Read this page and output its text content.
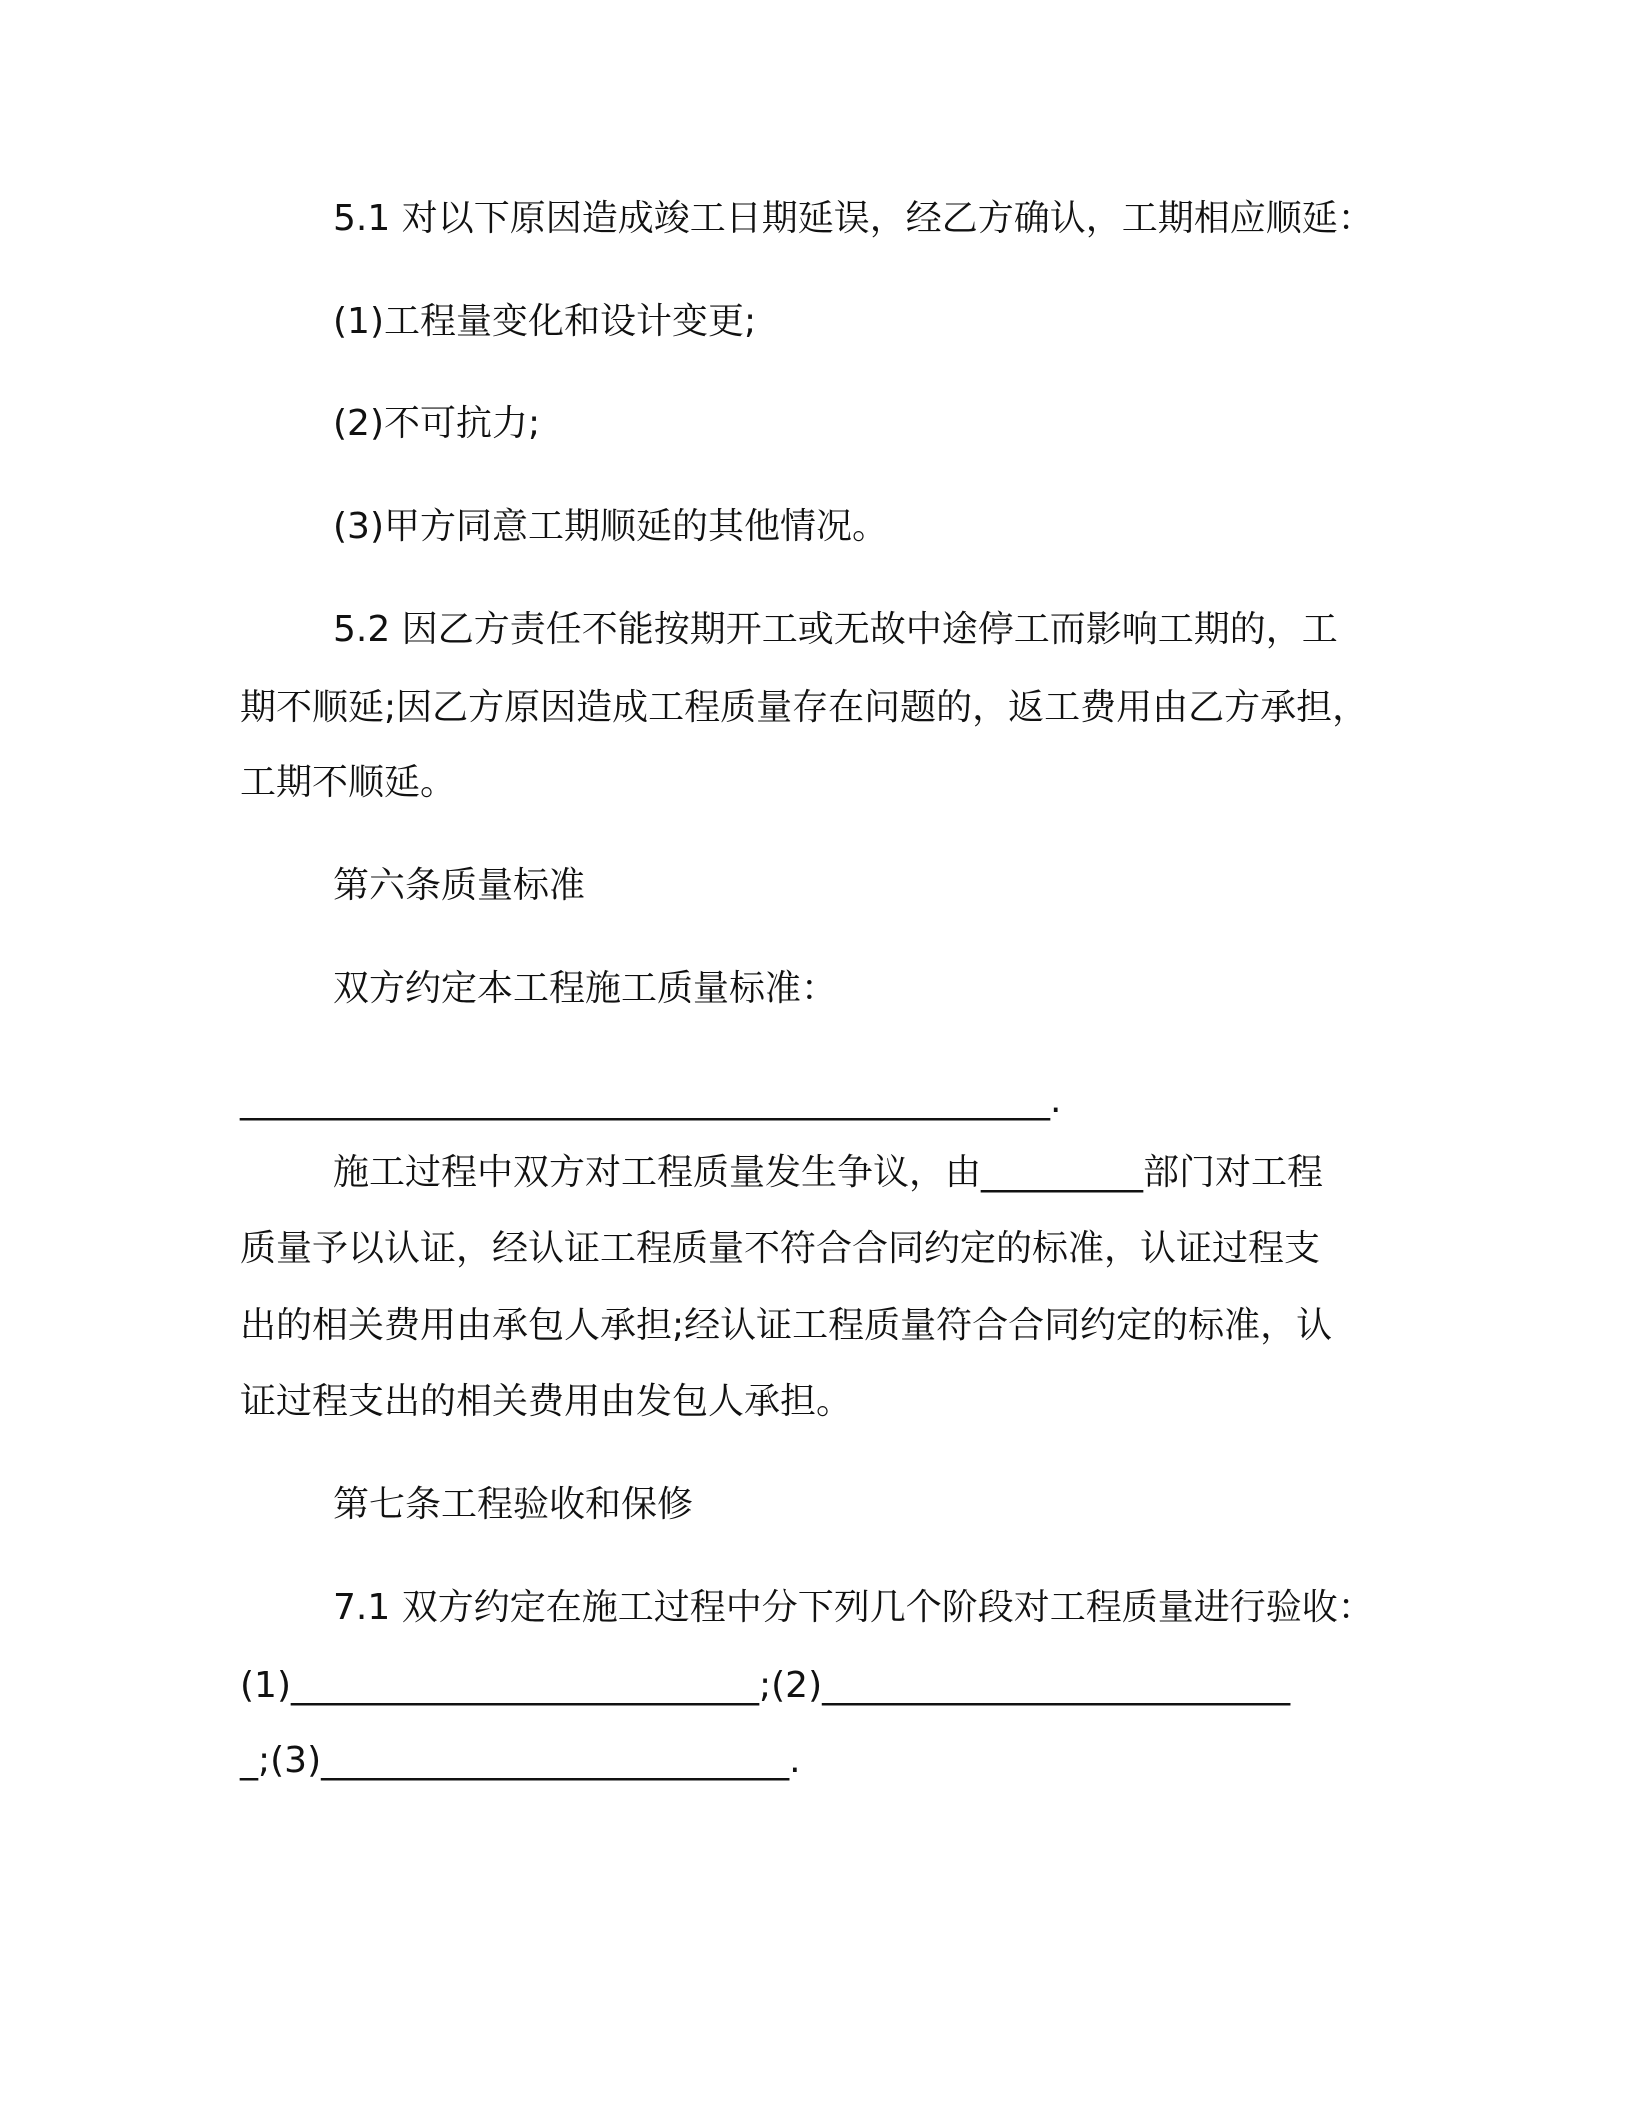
5.1 对以下原因造成竣工日期延误，经乙方确认，工期相应顺延：
(1)工程量变化和设计变更;
(2)不可抗力;
(3)甲方同意工期顺延的其他情况。
5.2 因乙方责任不能按期开工或无故中途停工而影响工期的，工
期不顺延;因乙方原因造成工程质量存在问题的，返工费用由乙方承担，
工期不顺延。
第六条质量标准
双方约定本工程施工质量标准：
_____________________________________________.
施工过程中双方对工程质量发生争议，由_________部门对工程
质量予以认证，经认证工程质量不符合合同约定的标准，认证过程支
出的相关费用由承包人承担;经认证工程质量符合合同约定的标准，认
证过程支出的相关费用由发包人承担。
第七条工程验收和保修
7.1 双方约定在施工过程中分下列几个阶段对工程质量进行验收：
(1)__________________________;(2)__________________________
_;(3)__________________________.
